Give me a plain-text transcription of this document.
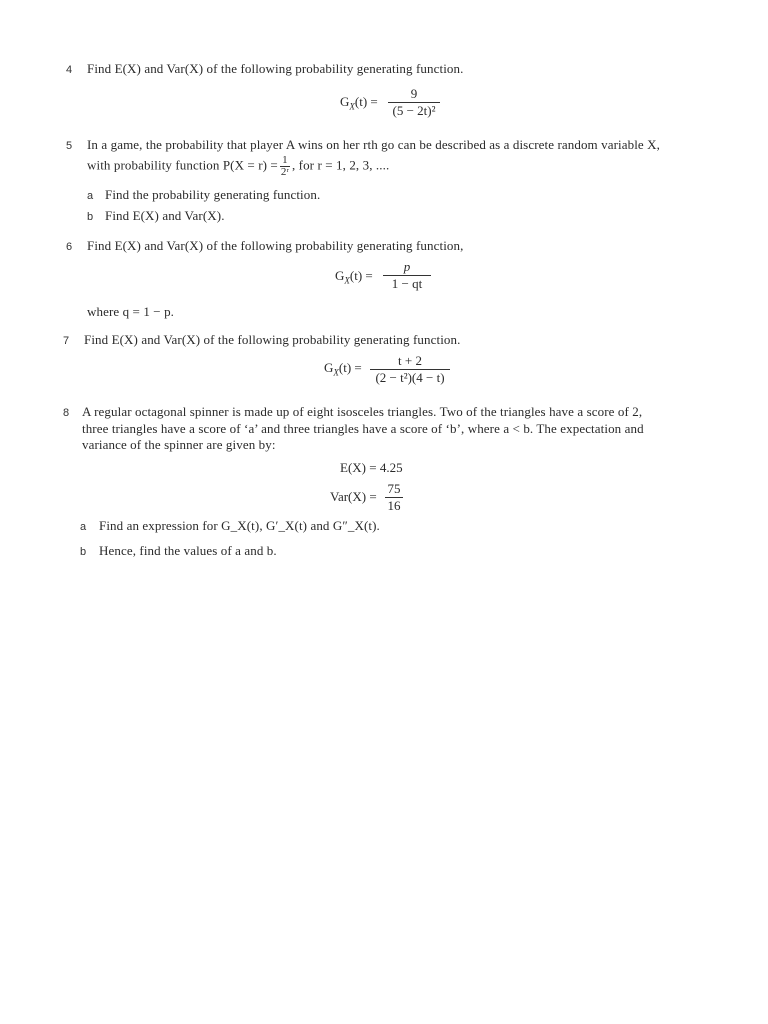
4 Find E(X) and Var(X) of the following probability generating function.
$G_X(t) = \frac{9}{\text{(5 − 2t)²}}$
5 In a game, the probability that player A wins on her rth go can be described as a discrete random variable X,
with probability function $P(X = r) = \frac{1}{\text{2ʳ}}$ , for r = 1, 2, 3, ....
a Find the probability generating function.
b Find E(X) and Var(X).
6 Find E(X) and Var(X) of the following probability generating function,
$G_X(t) = \frac{p}{1 - qt}$
where q = 1 − p.
7 Find E(X) and Var(X) of the following probability generating function.
$G_X(t) = \frac{t + 2}{\text{(2 − t²)(4 − t)}}$
8 A regular octagonal spinner is made up of eight isosceles triangles. Two of the triangles have a score of 2,
three triangles have a score of ‘a’ and three triangles have a score of ‘b’, where a < b. The expectation and
variance of the spinner are given by:
E(X) = 4.25
$Var(X) = \frac{75}{16}$
a Find an expression for G_X(t), G′_X(t) and G″_X(t).
b Hence, find the values of a and b.
